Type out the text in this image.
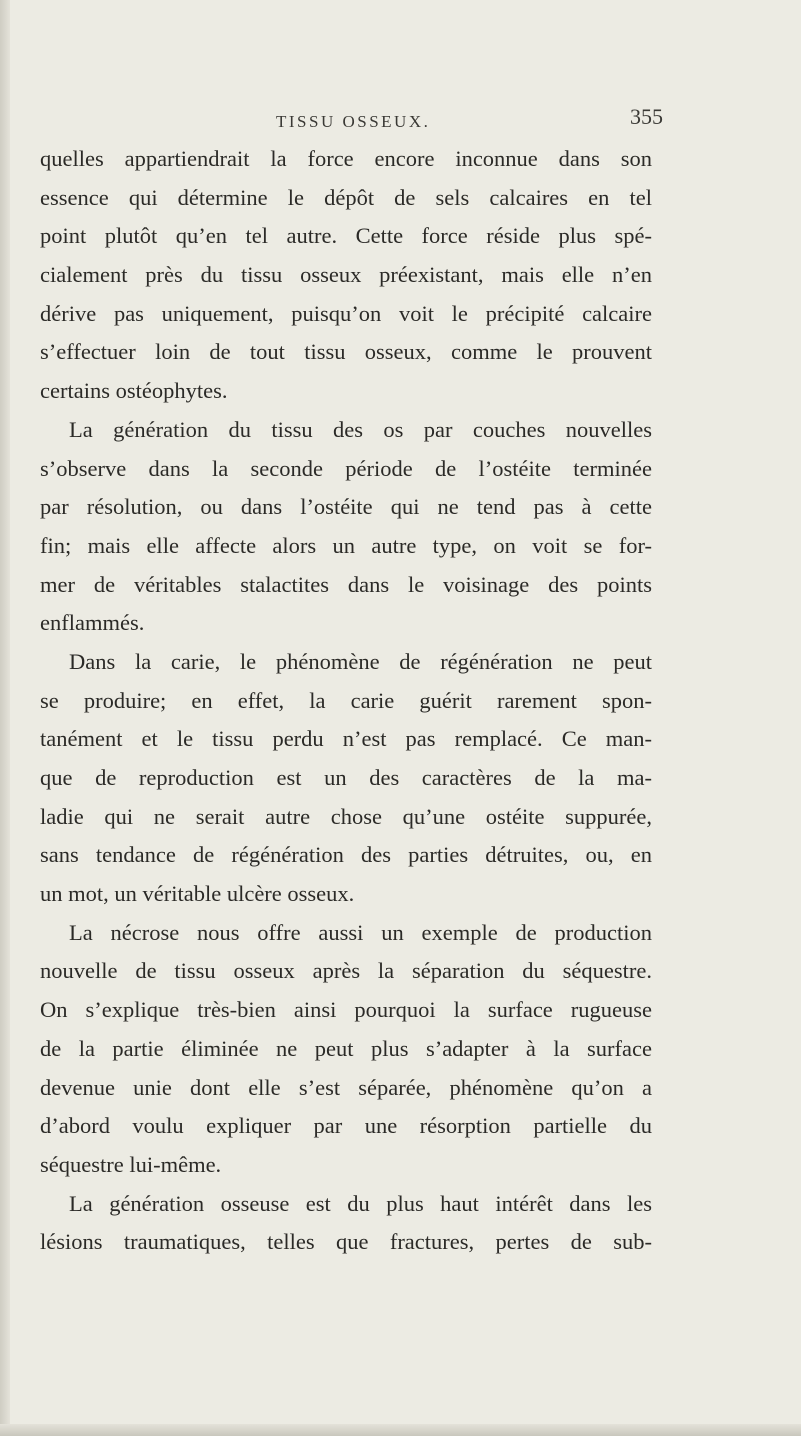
TISSU OSSEUX.	355
quelles appartiendrait la force encore inconnue dans son
essence qui détermine le dépôt de sels calcaires en tel
point plutôt qu’en tel autre. Cette force réside plus spé-
cialement près du tissu osseux préexistant, mais elle n’en
dérive pas uniquement, puisqu’on voit le précipité calcaire
s’effectuer loin de tout tissu osseux, comme le prouvent
certains ostéophytes.
La génération du tissu des os par couches nouvelles
s’observe dans la seconde période de l’ostéite terminée
par résolution, ou dans l’ostéite qui ne tend pas à cette
fin; mais elle affecte alors un autre type, on voit se for-
mer de véritables stalactites dans le voisinage des points
enflammés.
Dans la carie, le phénomène de régénération ne peut
se produire; en effet, la carie guérit rarement spon-
tanément et le tissu perdu n’est pas remplacé. Ce man-
que de reproduction est un des caractères de la ma-
ladie qui ne serait autre chose qu’une ostéite suppurée,
sans tendance de régénération des parties détruites, ou, en
un mot, un véritable ulcère osseux.
La nécrose nous offre aussi un exemple de production
nouvelle de tissu osseux après la séparation du séquestre.
On s’explique très-bien ainsi pourquoi la surface rugueuse
de la partie éliminée ne peut plus s’adapter à la surface
devenue unie dont elle s’est séparée, phénomène qu’on a
d’abord voulu expliquer par une résorption partielle du
séquestre lui-même.
La génération osseuse est du plus haut intérêt dans les
lésions traumatiques, telles que fractures, pertes de sub-
